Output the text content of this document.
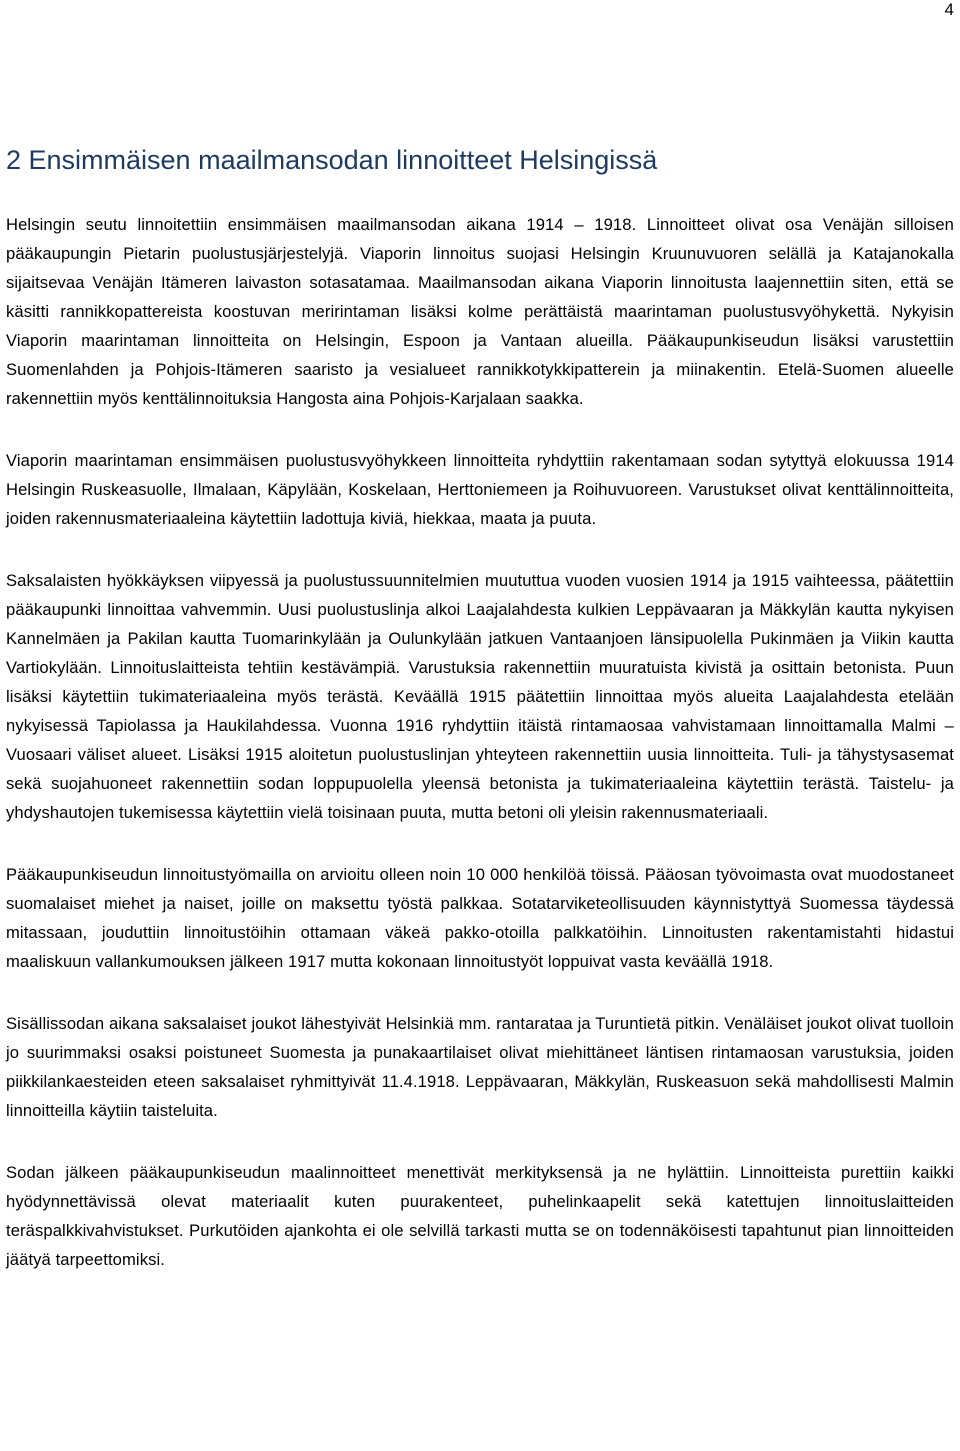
4
2 Ensimmäisen maailmansodan linnoitteet Helsingissä

Helsingin seutu linnoitettiin ensimmäisen maailmansodan aikana 1914 – 1918. Linnoitteet olivat osa Venäjän silloisen pääkaupungin Pietarin puolustusjärjestelyjä. Viaporin linnoitus suojasi Helsingin Kruunuvuoren selällä ja Katajanokalla sijaitsevaa Venäjän Itämeren laivaston sotasatamaa. Maailmansodan aikana Viaporin linnoitusta laajennettiin siten, että se käsitti rannikkopattereista koostuvan meririntaman lisäksi kolme perättäistä maarintaman puolustusvyöhykettä. Nykyisin Viaporin maarintaman linnoitteita on Helsingin, Espoon ja Vantaan alueilla. Pääkaupunkiseudun lisäksi varustettiin Suomenlahden ja Pohjois-Itämeren saaristo ja vesialueet rannikkotykkipatterein ja miinakentin. Etelä-Suomen alueelle rakennettiin myös kenttälinnoituksia Hangosta aina Pohjois-Karjalaan saakka.

Viaporin maarintaman ensimmäisen puolustusvyöhykkeen linnoitteita ryhdyttiin rakentamaan sodan sytyttyä elokuussa 1914 Helsingin Ruskeasuolle, Ilmalaan, Käpylään, Koskelaan, Herttoniemeen ja Roihuvuoreen. Varustukset olivat kenttälinnoitteita, joiden rakennusmateriaaleina käytettiin ladottuja kiviä, hiekkaa, maata ja puuta.

Saksalaisten hyökkäyksen viipyessä ja puolustussuunnitelmien muututtua vuoden vuosien 1914 ja 1915 vaihteessa, päätettiin pääkaupunki linnoittaa vahvemmin. Uusi puolustuslinja alkoi Laajalahdesta kulkien Leppävaaran ja Mäkkylän kautta nykyisen Kannelmäen ja Pakilan kautta Tuomarinkylään ja Oulunkylään jatkuen Vantaanjoen länsipuolella Pukinmäen ja Viikin kautta Vartiokylään. Linnoituslaitteista tehtiin kestävämpiä. Varustuksia rakennettiin muuratuista kivistä ja osittain betonista. Puun lisäksi käytettiin tukimateriaaleina myös terästä. Keväällä 1915 päätettiin linnoittaa myös alueita Laajalahdesta etelään nykyisessä Tapiolassa ja Haukilahdessa. Vuonna 1916 ryhdyttiin itäistä rintamaosaa vahvistamaan linnoittamalla Malmi – Vuosaari väliset alueet. Lisäksi 1915 aloitetun puolustuslinjan yhteyteen rakennettiin uusia linnoitteita. Tuli- ja tähystysasemat sekä suojahuoneet rakennettiin sodan loppupuolella yleensä betonista ja tukimateriaaleina käytettiin terästä. Taistelu- ja yhdyshautojen tukemisessa käytettiin vielä toisinaan puuta, mutta betoni oli yleisin rakennusmateriaali.

Pääkaupunkiseudun linnoitustyömailla on arvioitu olleen noin 10 000 henkilöä töissä. Pääosan työvoimasta ovat muodostaneet suomalaiset miehet ja naiset, joille on maksettu työstä palkkaa. Sotatarviketeollisuuden käynnistyttyä Suomessa täydessä mitassaan, jouduttiin linnoitustöihin ottamaan väkeä pakko-otoilla palkkatöihin. Linnoitusten rakentamistahti hidastui maaliskuun vallankumouksen jälkeen 1917 mutta kokonaan linnoitustyöt loppuivat vasta keväällä 1918.

Sisällissodan aikana saksalaiset joukot lähestyivät Helsinkiä mm. rantarataa ja Turuntietä pitkin. Venäläiset joukot olivat tuolloin jo suurimmaksi osaksi poistuneet Suomesta ja punakaartilaiset olivat miehittäneet läntisen rintamaosan varustuksia, joiden piikkilankaesteiden eteen saksalaiset ryhmittyivät 11.4.1918. Leppävaaran, Mäkkylän, Ruskeasuon sekä mahdollisesti Malmin linnoitteilla käytiin taisteluita.

Sodan jälkeen pääkaupunkiseudun maalinnoitteet menettivät merkityksensä ja ne hylättiin. Linnoitteista purettiin kaikki hyödynnettävissä olevat materiaalit kuten puurakenteet, puhelinkaapelit sekä katettujen linnoituslaitteiden teräspalkkivahvistukset. Purkutöiden ajankohta ei ole selvillä tarkasti mutta se on todennäköisesti tapahtunut pian linnoitteiden jäätyä tarpeettomiksi.
